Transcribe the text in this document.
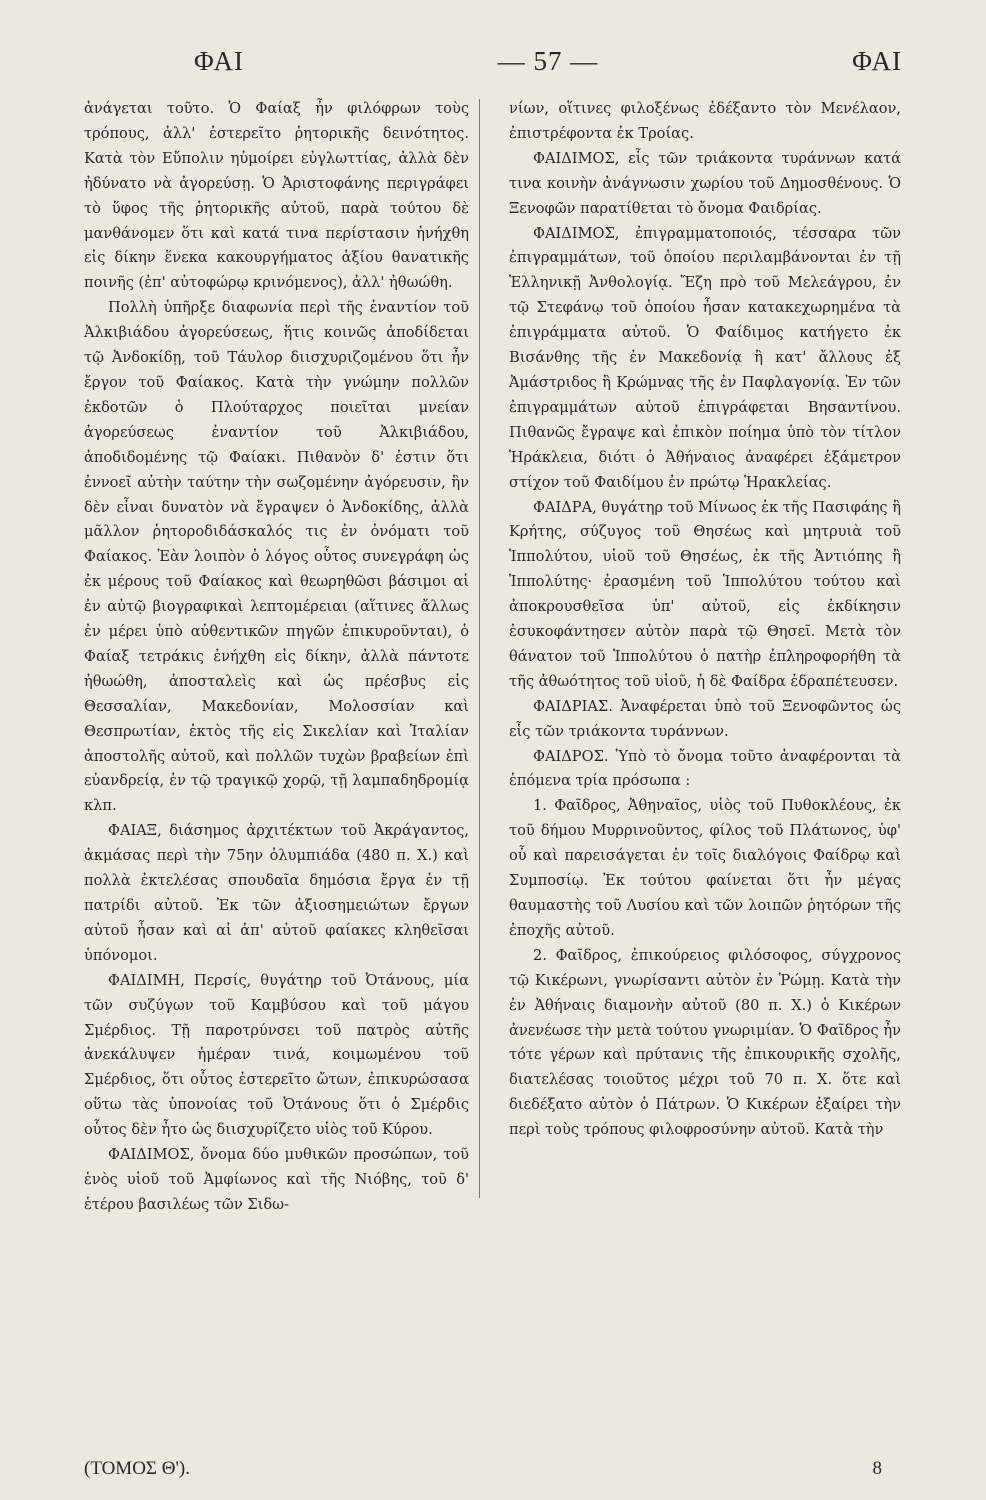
ΦΑΙ	— 57 —	ΦΑΙ

ἀνάγεται τοῦτο. Ὁ Φαίαξ ἦν φιλόφρων τοὺς τρόπους, ἀλλ' ἐστερεῖτο ῥητορικῆς δεινότητος. Κατὰ τὸν Εὔπολιν ηὐμοίρει εὐγλωττίας, ἀλλὰ δὲν ἠδύνατο νὰ ἀγορεύσῃ. Ὁ Ἀριστοφάνης περιγράφει τὸ ὕφος τῆς ῥητορικῆς αὐτοῦ, παρὰ τούτου δὲ μανθάνομεν ὅτι καὶ κατά τινα περίστασιν ἠνήχθη εἰς δίκην ἕνεκα κακουργήματος ἀξίου θανατικῆς ποινῆς (ἐπ' αὐτοφώρῳ κρινόμενος), ἀλλ' ἠθωώθη.

Πολλὴ ὑπῆρξε διαφωνία περὶ τῆς ἐναντίον τοῦ Ἀλκιβιάδου ἀγορεύσεως, ἥτις κοινῶς ἀποδίδεται τῷ Ἀνδοκίδῃ, τοῦ Τάυλορ διισχυριζομένου ὅτι ἦν ἔργον τοῦ Φαίακος. Κατὰ τὴν γνώμην πολλῶν ἐκδοτῶν ὁ Πλούταρχος ποιεῖται μνείαν ἀγορεύσεως ἐναντίον τοῦ Ἀλκιβιάδου, ἀποδιδομένης τῷ Φαίακι. Πιθανὸν δ' ἐστιν ὅτι ἐννοεῖ αὐτὴν ταύτην τὴν σωζομένην ἀγόρευσιν, ἣν δὲν εἶναι δυνατὸν νὰ ἔγραψεν ὁ Ἀνδοκίδης, ἀλλὰ μᾶλλον ῥητοροδιδάσκαλός τις ἐν ὀνόματι τοῦ Φαίακος. Ἐὰν λοιπὸν ὁ λόγος οὗτος συνεγράφη ὡς ἐκ μέρους τοῦ Φαίακος καὶ θεωρηθῶσι βάσιμοι αἱ ἐν αὐτῷ βιογραφικαὶ λεπτομέρειαι (αἵτινες ἄλλως ἐν μέρει ὑπὸ αὐθεντικῶν πηγῶν ἐπικυροῦνται), ὁ Φαίαξ τετράκις ἐνήχθη εἰς δίκην, ἀλλὰ πάντοτε ἠθωώθη, ἀποσταλεὶς καὶ ὡς πρέσβυς εἰς Θεσσαλίαν, Μακεδονίαν, Μολοσσίαν καὶ Θεσπρωτίαν, ἐκτὸς τῆς εἰς Σικελίαν καὶ Ἰταλίαν ἀποστολῆς αὐτοῦ, καὶ πολλῶν τυχὼν βραβείων ἐπὶ εὐανδρείᾳ, ἐν τῷ τραγικῷ χορῷ, τῇ λαμπαδηδρομίᾳ κλπ.

ΦΑΙΑΞ, διάσημος ἀρχιτέκτων τοῦ Ἀκράγαντος, ἀκμάσας περὶ τὴν 75ην ὀλυμπιάδα (480 π. Χ.) καὶ πολλὰ ἐκτελέσας σπουδαῖα δημόσια ἔργα ἐν τῇ πατρίδι αὐτοῦ. Ἐκ τῶν ἀξιοσημειώτων ἔργων αὐτοῦ ἦσαν καὶ αἱ ἀπ' αὐτοῦ φαίακες κληθεῖσαι ὑπόνομοι.

ΦΑΙΔΙΜΗ, Περσίς, θυγάτηρ τοῦ Ὀτάνους, μία τῶν συζύγων τοῦ Καμβύσου καὶ τοῦ μάγου Σμέρδιος. Τῇ παροτρύνσει τοῦ πατρὸς αὐτῆς ἀνεκάλυψεν ἡμέραν τινά, κοιμωμένου τοῦ Σμέρδιος, ὅτι οὗτος ἐστερεῖτο ὤτων, ἐπικυρώσασα οὕτω τὰς ὑπονοίας τοῦ Ὀτάνους ὅτι ὁ Σμέρδις οὗτος δὲν ἦτο ὡς διισχυρίζετο υἱὸς τοῦ Κύρου.

ΦΑΙΔΙΜΟΣ, ὄνομα δύο μυθικῶν προσώπων, τοῦ ἑνὸς υἱοῦ τοῦ Ἀμφίωνος καὶ τῆς Νιόβης, τοῦ δ' ἑτέρου βασιλέως τῶν Σιδω-

νίων, οἵτινες φιλοξένως ἐδέξαντο τὸν Μενέλαον, ἐπιστρέφοντα ἐκ Τροίας.

ΦΑΙΔΙΜΟΣ, εἷς τῶν τριάκοντα τυράννων κατά τινα κοινὴν ἀνάγνωσιν χωρίου τοῦ Δημοσθένους. Ὁ Ξενοφῶν παρατίθεται τὸ ὄνομα Φαιδρίας.

ΦΑΙΔΙΜΟΣ, ἐπιγραμματοποιός, τέσσαρα τῶν ἐπιγραμμάτων, τοῦ ὁποίου περιλαμβάνονται ἐν τῇ Ἑλληνικῇ Ἀνθολογίᾳ. Ἔζη πρὸ τοῦ Μελεάγρου, ἐν τῷ Στεφάνῳ τοῦ ὁποίου ἦσαν κατακεχωρημένα τὰ ἐπιγράμματα αὐτοῦ. Ὁ Φαίδιμος κατήγετο ἐκ Βισάνθης τῆς ἐν Μακεδονίᾳ ἢ κατ' ἄλλους ἐξ Ἀμάστριδος ἢ Κρώμνας τῆς ἐν Παφλαγονίᾳ. Ἐν τῶν ἐπιγραμμάτων αὐτοῦ ἐπιγράφεται Βησαντίνου. Πιθανῶς ἔγραψε καὶ ἐπικὸν ποίημα ὑπὸ τὸν τίτλον Ἡράκλεια, διότι ὁ Ἀθήναιος ἀναφέρει ἑξάμετρον στίχον τοῦ Φαιδίμου ἐν πρώτῳ Ἡρακλείας.

ΦΑΙΔΡΑ, θυγάτηρ τοῦ Μίνωος ἐκ τῆς Πασιφάης ἢ Κρήτης, σύζυγος τοῦ Θησέως καὶ μητρυιὰ τοῦ Ἱππολύτου, υἱοῦ τοῦ Θησέως, ἐκ τῆς Ἀντιόπης ἢ Ἱππολύτης· ἐρασμένη τοῦ Ἱππολύτου τούτου καὶ ἀποκρουσθεῖσα ὑπ' αὐτοῦ, εἰς ἐκδίκησιν ἐσυκοφάντησεν αὐτὸν παρὰ τῷ Θησεῖ. Μετὰ τὸν θάνατον τοῦ Ἱππολύτου ὁ πατὴρ ἐπληροφορήθη τὰ τῆς ἀθωότητος τοῦ υἱοῦ, ἡ δὲ Φαίδρα ἐδραπέτευσεν.

ΦΑΙΔΡΙΑΣ. Ἀναφέρεται ὑπὸ τοῦ Ξενοφῶντος ὡς εἷς τῶν τριάκοντα τυράννων.

ΦΑΙΔΡΟΣ. Ὑπὸ τὸ ὄνομα τοῦτο ἀναφέρονται τὰ ἑπόμενα τρία πρόσωπα :

1. Φαῖδρος, Ἀθηναῖος, υἱὸς τοῦ Πυθοκλέους, ἐκ τοῦ δήμου Μυρρινοῦντος, φίλος τοῦ Πλάτωνος, ὑφ' οὗ καὶ παρεισάγεται ἐν τοῖς διαλόγοις Φαίδρῳ καὶ Συμποσίῳ. Ἐκ τούτου φαίνεται ὅτι ἦν μέγας θαυμαστὴς τοῦ Λυσίου καὶ τῶν λοιπῶν ῥητόρων τῆς ἐποχῆς αὐτοῦ.

2. Φαῖδρος, ἐπικούρειος φιλόσοφος, σύγχρονος τῷ Κικέρωνι, γνωρίσαντι αὐτὸν ἐν Ῥώμῃ. Κατὰ τὴν ἐν Ἀθήναις διαμονὴν αὐτοῦ (80 π. Χ.) ὁ Κικέρων ἀνενέωσε τὴν μετὰ τούτου γνωριμίαν. Ὁ Φαῖδρος ἦν τότε γέρων καὶ πρύτανις τῆς ἐπικουρικῆς σχολῆς, διατελέσας τοιοῦτος μέχρι τοῦ 70 π. Χ. ὅτε καὶ διεδέξατο αὐτὸν ὁ Πάτρων. Ὁ Κικέρων ἐξαίρει τὴν περὶ τοὺς τρόπους φιλοφροσύνην αὐτοῦ. Κατὰ τὴν

(ΤΟΜΟΣ Θ').	8
